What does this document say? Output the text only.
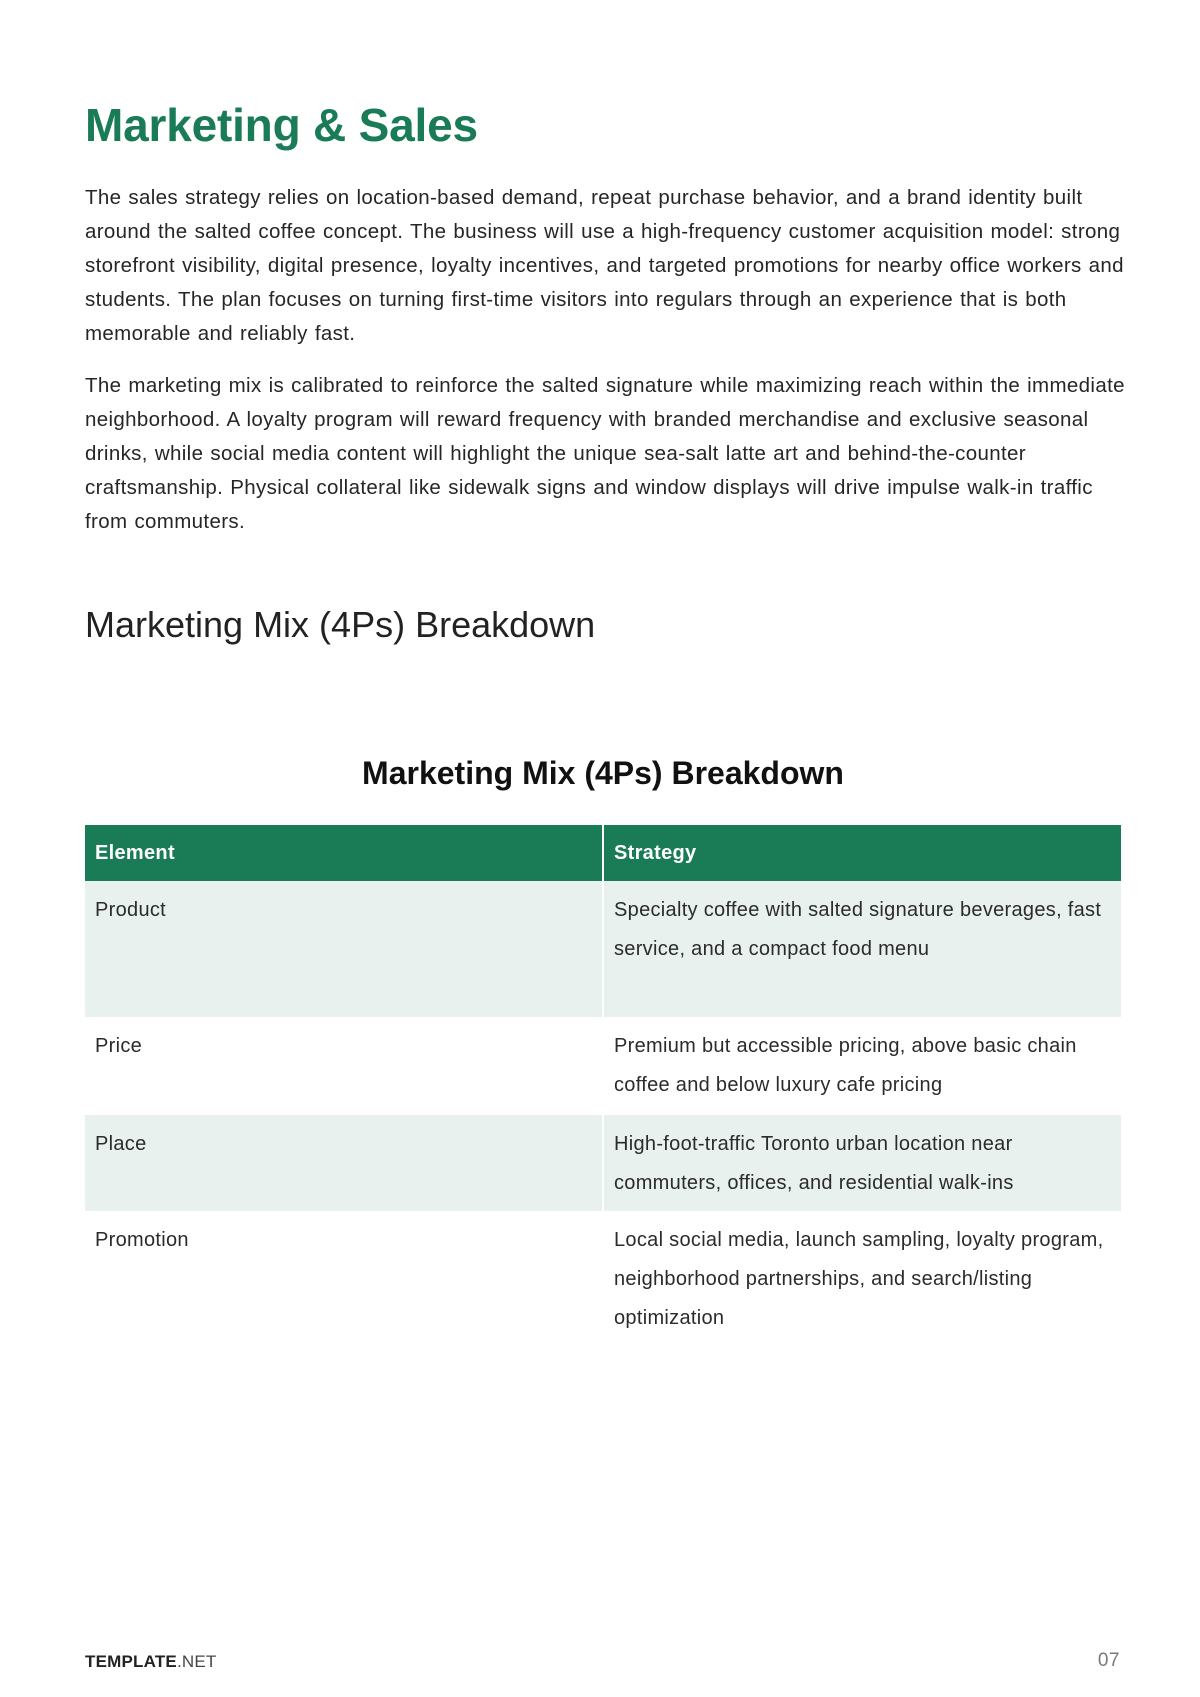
Marketing & Sales

The sales strategy relies on location-based demand, repeat purchase behavior, and a brand identity built around the salted coffee concept. The business will use a high-frequency customer acquisition model: strong storefront visibility, digital presence, loyalty incentives, and targeted promotions for nearby office workers and students. The plan focuses on turning first-time visitors into regulars through an experience that is both memorable and reliably fast.

The marketing mix is calibrated to reinforce the salted signature while maximizing reach within the immediate neighborhood. A loyalty program will reward frequency with branded merchandise and exclusive seasonal drinks, while social media content will highlight the unique sea-salt latte art and behind-the-counter craftsmanship. Physical collateral like sidewalk signs and window displays will drive impulse walk-in traffic from commuters.

Marketing Mix (4Ps) Breakdown
Marketing Mix (4Ps) Breakdown
Element	Strategy
Product	Specialty coffee with salted signature beverages, fast service, and a compact food menu
Price	Premium but accessible pricing, above basic chain coffee and below luxury cafe pricing
Place	High-foot-traffic Toronto urban location near commuters, offices, and residential walk-ins
Promotion	Local social media, launch sampling, loyalty program, neighborhood partnerships, and search/listing optimization
TEMPLATE.NET	07
